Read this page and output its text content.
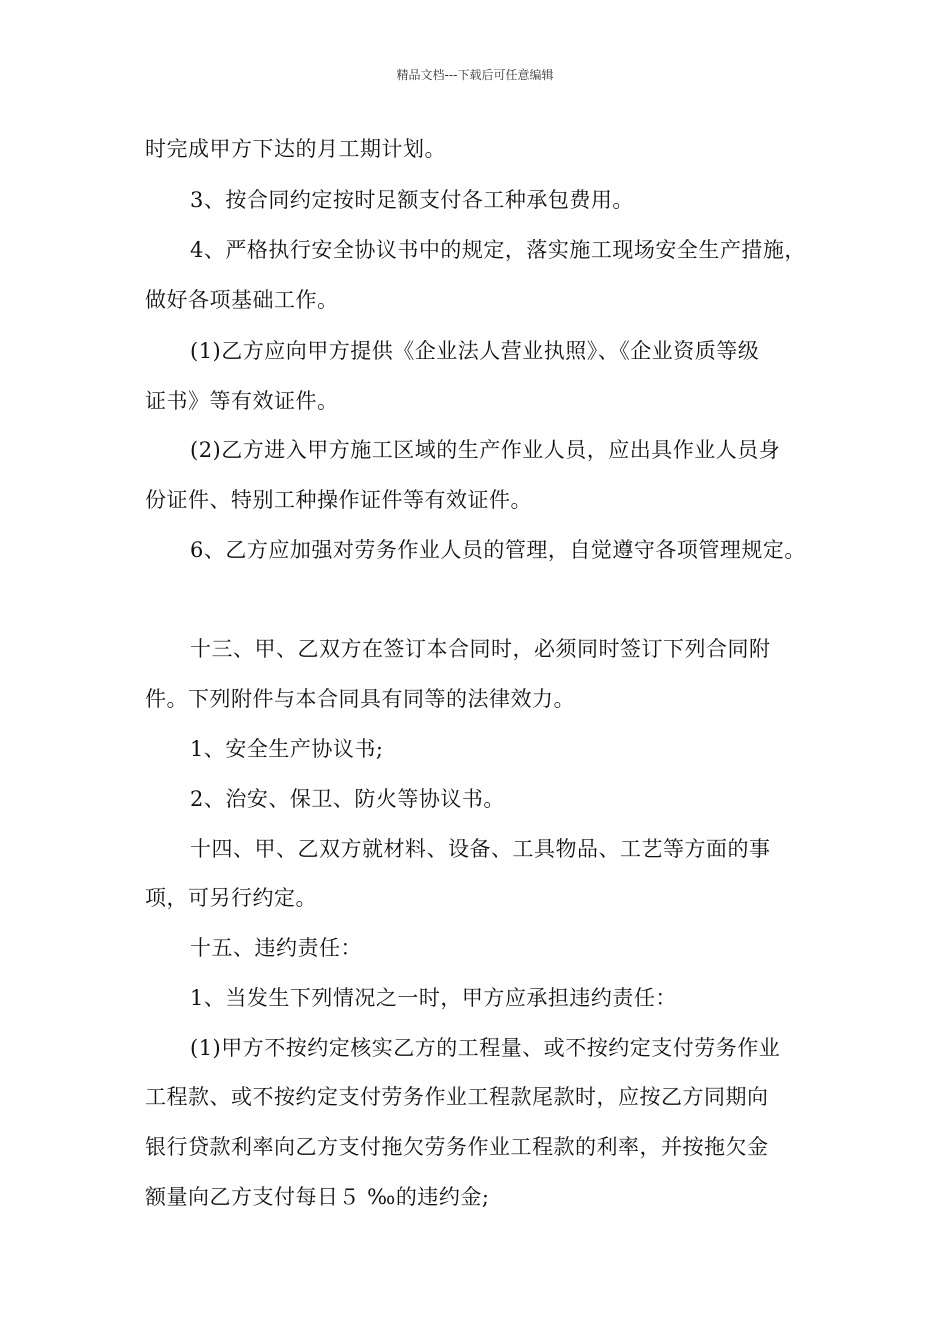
精品文档---下载后可任意编辑
时完成甲方下达的月工期计划。
3、按合同约定按时足额支付各工种承包费用。
4、严格执行安全协议书中的规定，落实施工现场安全生产措施，
做好各项基础工作。
(1)乙方应向甲方提供《企业法人营业执照》、《企业资质等级
证书》等有效证件。
(2)乙方进入甲方施工区域的生产作业人员，应出具作业人员身
份证件、特别工种操作证件等有效证件。
6、乙方应加强对劳务作业人员的管理，自觉遵守各项管理规定。
十三、甲、乙双方在签订本合同时，必须同时签订下列合同附
件。下列附件与本合同具有同等的法律效力。
1、安全生产协议书;
2、治安、保卫、防火等协议书。
十四、甲、乙双方就材料、设备、工具物品、工艺等方面的事
项，可另行约定。
十五、违约责任：
1、当发生下列情况之一时，甲方应承担违约责任：
(1)甲方不按约定核实乙方的工程量、或不按约定支付劳务作业
工程款、或不按约定支付劳务作业工程款尾款时，应按乙方同期向
银行贷款利率向乙方支付拖欠劳务作业工程款的利率，并按拖欠金
额量向乙方支付每日５ ‰的违约金;
